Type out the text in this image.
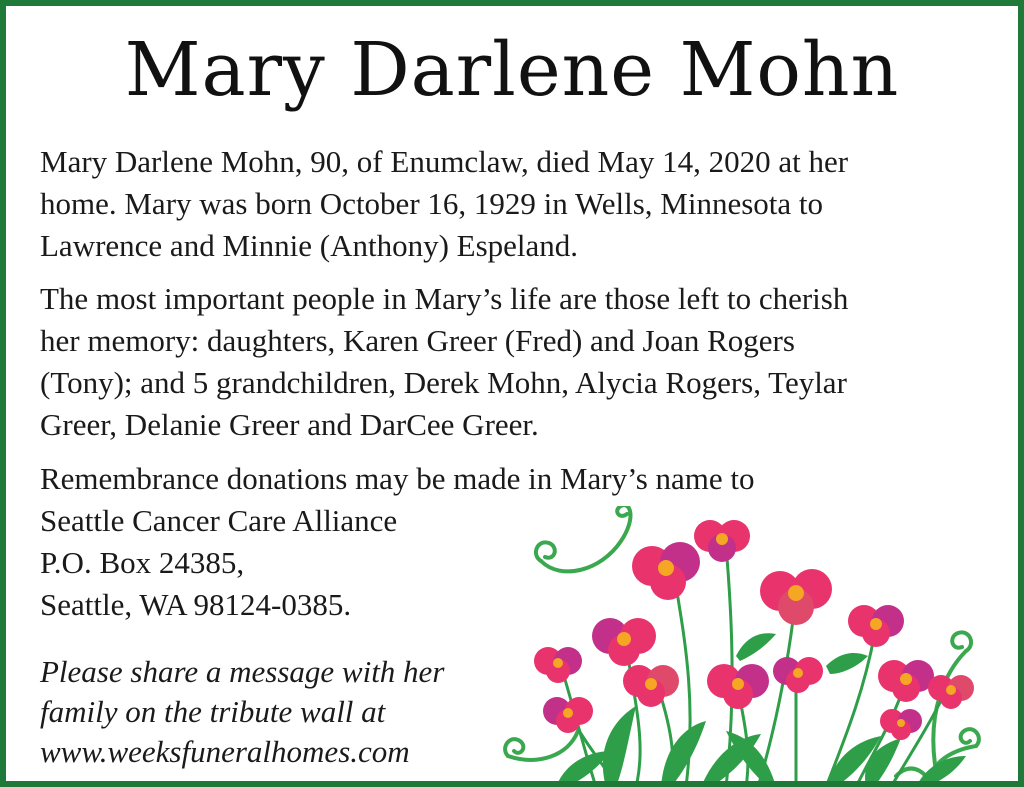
Mary Darlene Mohn

Mary Darlene Mohn, 90, of Enumclaw, died May 14, 2020 at her
home. Mary was born October 16, 1929 in Wells, Minnesota to
Lawrence and Minnie (Anthony) Espeland.

The most important people in Mary’s life are those left to cherish
her memory: daughters, Karen Greer (Fred) and Joan Rogers
(Tony); and 5 grandchildren, Derek Mohn, Alycia Rogers, Teylar
Greer, Delanie Greer and DarCee Greer.

Remembrance donations may be made in Mary’s name to
Seattle Cancer Care Alliance
P.O. Box 24385,
Seattle, WA 98124-0385.

Please share a message with her
family on the tribute wall at
www.weeksfuneralhomes.com
